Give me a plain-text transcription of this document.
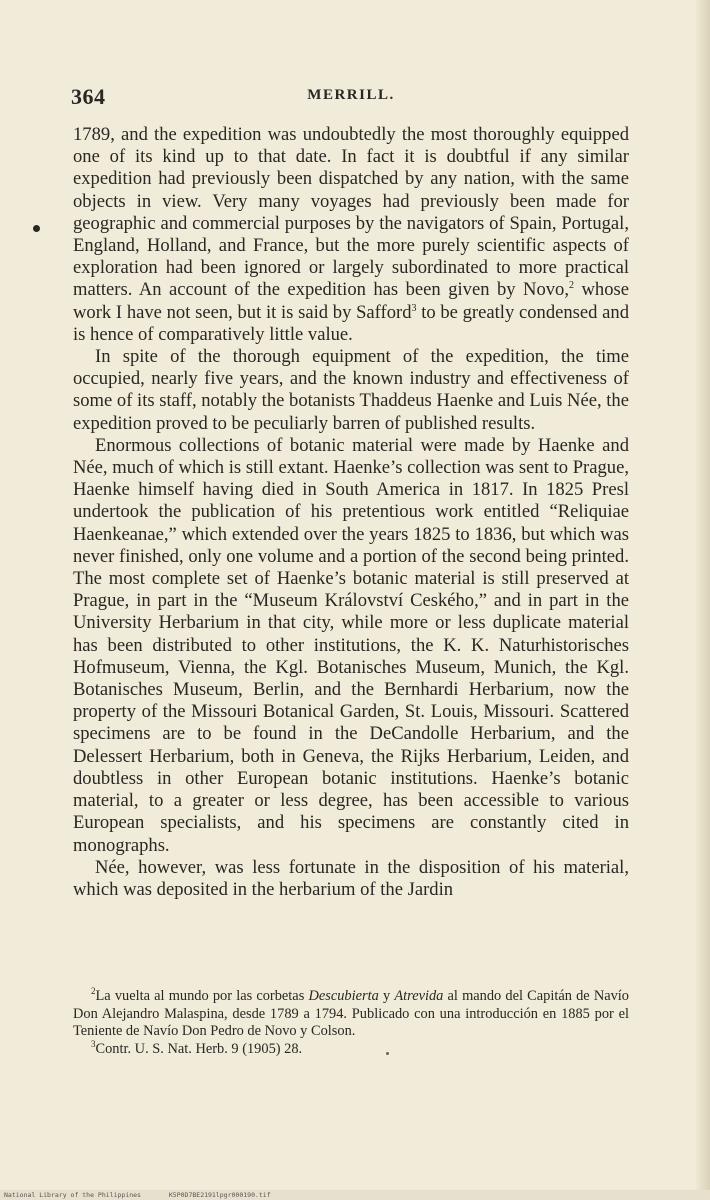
364	MERRILL.

1789, and the expedition was undoubtedly the most thoroughly equipped one of its kind up to that date. In fact it is doubtful if any similar expedition had previously been dispatched by any nation, with the same objects in view. Very many voyages had previously been made for geographic and commercial purposes by the navigators of Spain, Portugal, England, Holland, and France, but the more purely scientific aspects of exploration had been ignored or largely subordinated to more practical matters. An account of the expedition has been given by Novo,$^2$ whose work I have not seen, but it is said by Safford$^3$ to be greatly condensed and is hence of comparatively little value.

In spite of the thorough equipment of the expedition, the time occupied, nearly five years, and the known industry and effectiveness of some of its staff, notably the botanists Thaddeus Haenke and Luis Née, the expedition proved to be peculiarly barren of published results.

Enormous collections of botanic material were made by Haenke and Née, much of which is still extant. Haenke’s collection was sent to Prague, Haenke himself having died in South America in 1817. In 1825 Presl undertook the publication of his pretentious work entitled “Reliquiae Haenkeanae,” which extended over the years 1825 to 1836, but which was never finished, only one volume and a portion of the second being printed. The most complete set of Haenke’s botanic material is still preserved at Prague, in part in the “Museum Království Ceského,” and in part in the University Herbarium in that city, while more or less duplicate material has been distributed to other institutions, the K. K. Naturhistorisches Hofmuseum, Vienna, the Kgl. Botanisches Museum, Munich, the Kgl. Botanisches Museum, Berlin, and the Bernhardi Herbarium, now the property of the Missouri Botanical Garden, St. Louis, Missouri. Scattered specimens are to be found in the DeCandolle Herbarium, and the Delessert Herbarium, both in Geneva, the Rijks Herbarium, Leiden, and doubtless in other European botanic institutions. Haenke’s botanic material, to a greater or less degree, has been accessible to various European specialists, and his specimens are constantly cited in monographs.

Née, however, was less fortunate in the disposition of his material, which was deposited in the herbarium of the Jardin

$^2$La vuelta al mundo por las corbetas Descubierta y Atrevida al mando del Capitán de Navío Don Alejandro Malaspina, desde 1789 a 1794. Publicado con una introducción en 1885 por el Teniente de Navío Don Pedro de Novo y Colson.

$^3$Contr. U. S. Nat. Herb. 9 (1905) 28.

National Library of the Philippines	K5P0D7BE2191lpgr000190.tif
